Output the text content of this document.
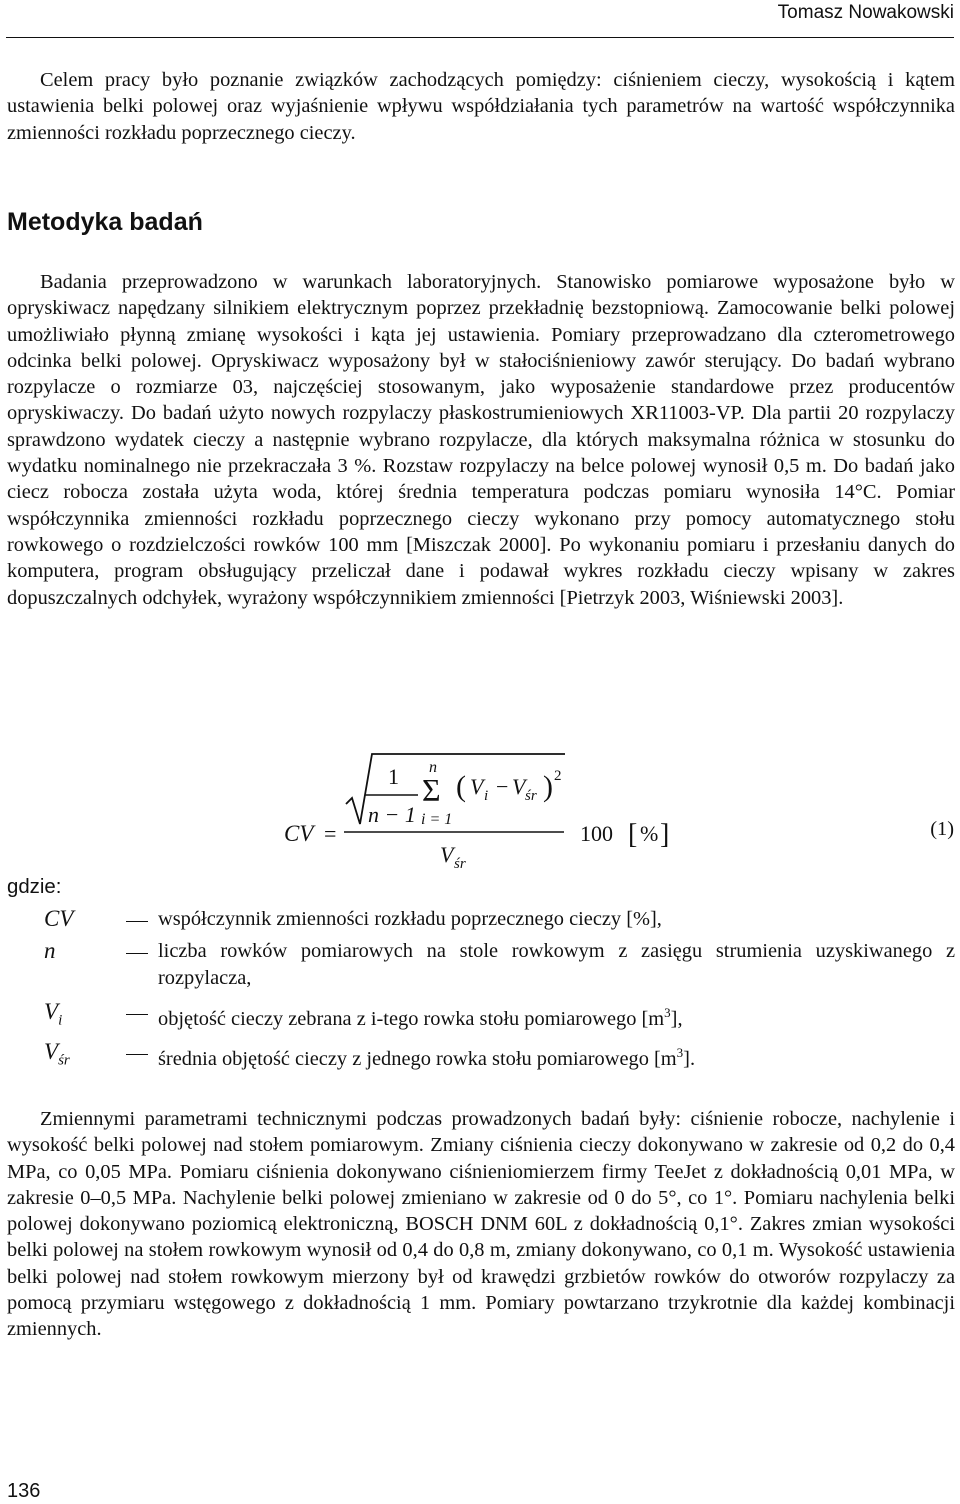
Tomasz Nowakowski

Celem pracy było poznanie związków zachodzących pomiędzy: ciśnieniem cieczy, wysokością i kątem ustawienia belki polowej oraz wyjaśnienie wpływu współdziałania tych parametrów na wartość współczynnika zmienności rozkładu poprzecznego cieczy.

Metodyka badań

Badania przeprowadzono w warunkach laboratoryjnych. Stanowisko pomiarowe wyposażone było w opryskiwacz napędzany silnikiem elektrycznym poprzez przekładnię bezstopniową. Zamocowanie belki polowej umożliwiało płynną zmianę wysokości i kąta jej ustawienia. Pomiary przeprowadzano dla czterometrowego odcinka belki polowej. Opryskiwacz wyposażony był w stałociśnieniowy zawór sterujący. Do badań wybrano rozpylacze o rozmiarze 03, najczęściej stosowanym, jako wyposażenie standardowe przez producentów opryskiwaczy. Do badań użyto nowych rozpylaczy płaskostrumieniowych XR11003-VP. Dla partii 20 rozpylaczy sprawdzono wydatek cieczy a następnie wybrano rozpylacze, dla których maksymalna różnica w stosunku do wydatku nominalnego nie przekraczała 3 %. Rozstaw rozpylaczy na belce polowej wynosił 0,5 m. Do badań jako ciecz robocza została użyta woda, której średnia temperatura podczas pomiaru wynosiła 14°C. Pomiar współczynnika zmienności rozkładu poprzecznego cieczy wykonano przy pomocy automatycznego stołu rowkowego o rozdzielczości rowków 100 mm [Miszczak 2000]. Po wykonaniu pomiaru i przesłaniu danych do komputera, program obsługujący przeliczał dane i podawał wykres rozkładu cieczy wpisany w zakres dopuszczalnych odchyłek, wyrażony współczynnikiem zmienności [Pietrzyk 2003, Wiśniewski 2003].

CV =
1
n − 1
n
Σ
i = 1
( V i − V śr ) 2
V śr
100 [ % ]	(1)
gdzie:
CV	współczynnik zmienności rozkładu poprzecznego cieczy [%],
n	liczba rowków pomiarowych na stole rowkowym z zasięgu strumienia uzyskiwanego z rozpylacza,
$V_i$	objętość cieczy zebrana z i-tego rowka stołu pomiarowego $[m^3]$,
$V_{śr}$	średnia objętość cieczy z jednego rowka stołu pomiarowego $[m^3]$.

Zmiennymi parametrami technicznymi podczas prowadzonych badań były: ciśnienie robocze, nachylenie i wysokość belki polowej nad stołem pomiarowym. Zmiany ciśnienia cieczy dokonywano w zakresie od 0,2 do 0,4 MPa, co 0,05 MPa. Pomiaru ciśnienia dokonywano ciśnieniomierzem firmy TeeJet z dokładnością 0,01 MPa, w zakresie 0–0,5 MPa. Nachylenie belki polowej zmieniano w zakresie od 0 do 5°, co 1°. Pomiaru nachylenia belki polowej dokonywano poziomicą elektroniczną, BOSCH DNM 60L z dokładnością 0,1°. Zakres zmian wysokości belki polowej na stołem rowkowym wynosił od 0,4 do 0,8 m, zmiany dokonywano, co 0,1 m. Wysokość ustawienia belki polowej nad stołem rowkowym mierzony był od krawędzi grzbietów rowków do otworów rozpylaczy za pomocą przymiaru wstęgowego z dokładnością 1 mm. Pomiary powtarzano trzykrotnie dla każdej kombinacji zmiennych.

136
